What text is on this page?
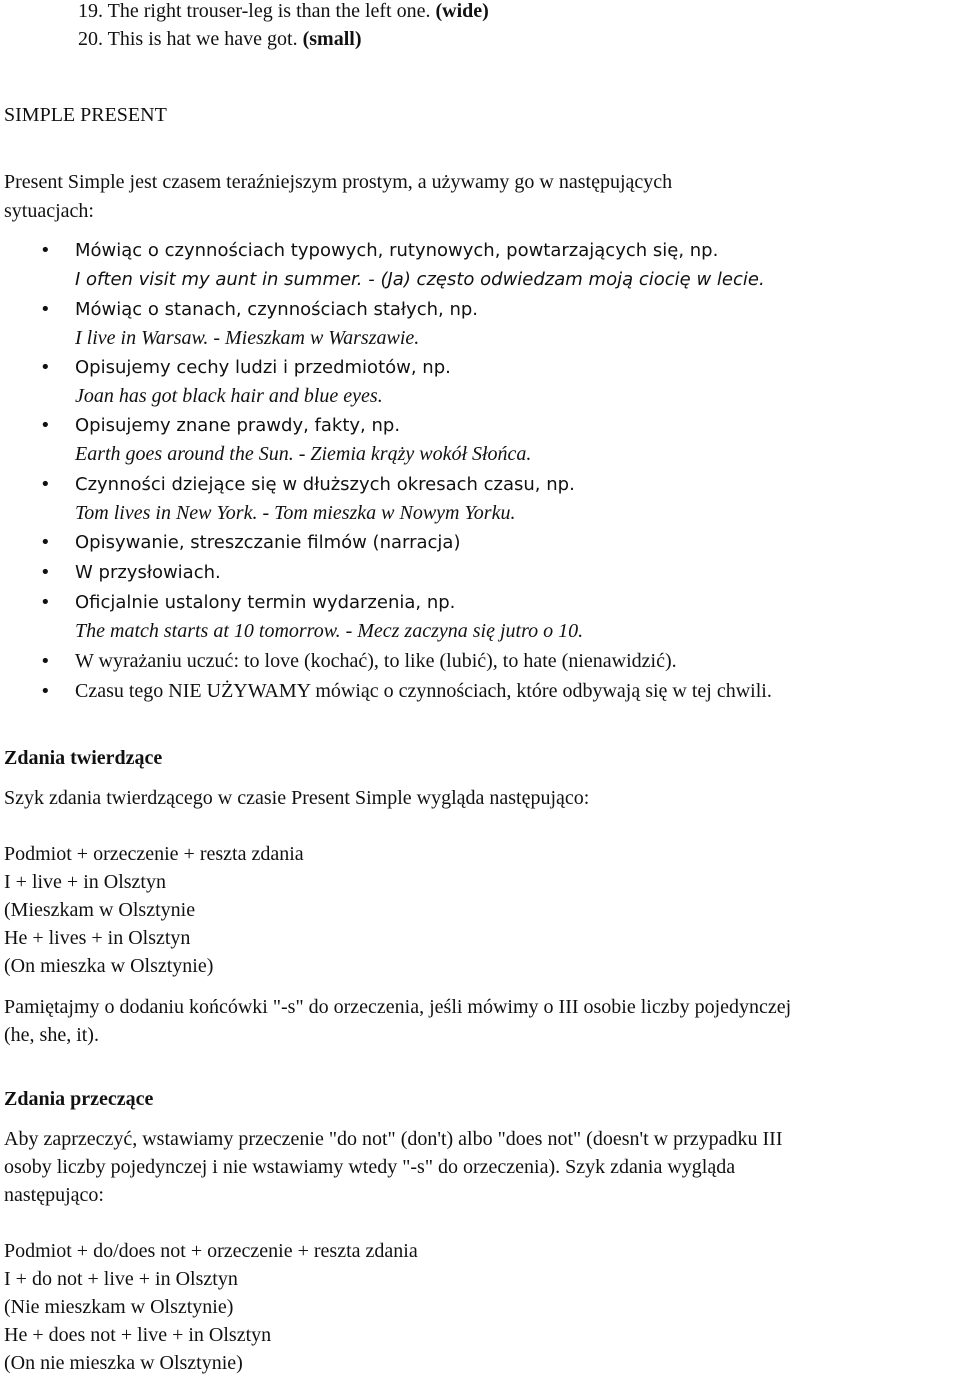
19. The right trouser-leg is than the left one. (wide)
20. This is hat we have got. (small)
SIMPLE PRESENT
Present Simple jest czasem teraźniejszym prostym, a używamy go w następujących
sytuacjach:
• Mówiąc o czynnościach typowych, rutynowych, powtarzających się, np.
I often visit my aunt in summer. - (Ja) często odwiedzam moją ciocię w lecie.
• Mówiąc o stanach, czynnościach stałych, np.
I live in Warsaw. - Mieszkam w Warszawie.
• Opisujemy cechy ludzi i przedmiotów, np.
Joan has got black hair and blue eyes.
• Opisujemy znane prawdy, fakty, np.
Earth goes around the Sun. - Ziemia krąży wokół Słońca.
• Czynności dziejące się w dłuższych okresach czasu, np.
Tom lives in New York. - Tom mieszka w Nowym Yorku.
• Opisywanie, streszczanie filmów (narracja)
• W przysłowiach.
• Oficjalnie ustalony termin wydarzenia, np.
The match starts at 10 tomorrow. - Mecz zaczyna się jutro o 10.
• W wyrażaniu uczuć: to love (kochać), to like (lubić), to hate (nienawidzić).
• Czasu tego NIE UŻYWAMY mówiąc o czynnościach, które odbywają się w tej chwili.
Zdania twierdzące
Szyk zdania twierdzącego w czasie Present Simple wygląda następująco:
Podmiot + orzeczenie + reszta zdania
I + live + in Olsztyn
(Mieszkam w Olsztynie
He + lives + in Olsztyn
(On mieszka w Olsztynie)
Pamiętajmy o dodaniu końcówki "-s" do orzeczenia, jeśli mówimy o III osobie liczby pojedynczej
(he, she, it).
Zdania przeczące
Aby zaprzeczyć, wstawiamy przeczenie "do not" (don't) albo "does not" (doesn't w przypadku III
osoby liczby pojedynczej i nie wstawiamy wtedy "-s" do orzeczenia). Szyk zdania wygląda
następująco:
Podmiot + do/does not + orzeczenie + reszta zdania
I + do not + live + in Olsztyn
(Nie mieszkam w Olsztynie)
He + does not + live + in Olsztyn
(On nie mieszka w Olsztynie)
